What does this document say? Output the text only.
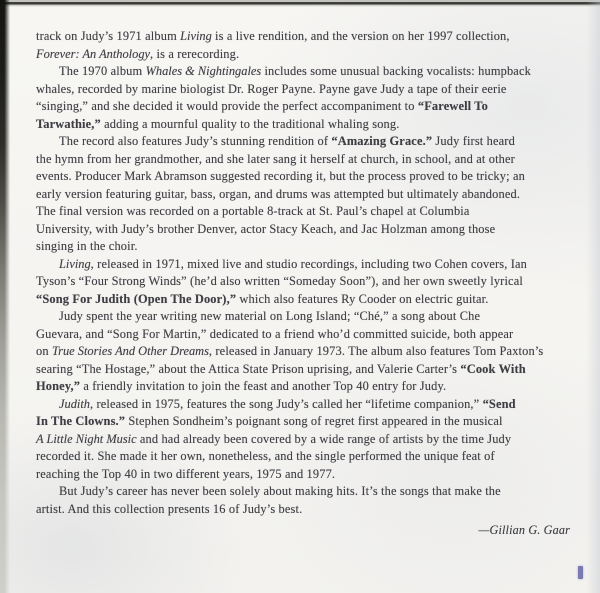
track on Judy’s 1971 album Living is a live rendition, and the version on her 1997 collection,
Forever: An Anthology, is a rerecording.
The 1970 album Whales & Nightingales includes some unusual backing vocalists: humpback
whales, recorded by marine biologist Dr. Roger Payne. Payne gave Judy a tape of their eerie
“singing,” and she decided it would provide the perfect accompaniment to “Farewell To
Tarwathie,” adding a mournful quality to the traditional whaling song.
The record also features Judy’s stunning rendition of “Amazing Grace.” Judy first heard
the hymn from her grandmother, and she later sang it herself at church, in school, and at other
events. Producer Mark Abramson suggested recording it, but the process proved to be tricky; an
early version featuring guitar, bass, organ, and drums was attempted but ultimately abandoned.
The final version was recorded on a portable 8-track at St. Paul’s chapel at Columbia
University, with Judy’s brother Denver, actor Stacy Keach, and Jac Holzman among those
singing in the choir.
Living, released in 1971, mixed live and studio recordings, including two Cohen covers, Ian
Tyson’s “Four Strong Winds” (he’d also written “Someday Soon”), and her own sweetly lyrical
“Song For Judith (Open The Door),” which also features Ry Cooder on electric guitar.
Judy spent the year writing new material on Long Island; “Ché,” a song about Che
Guevara, and “Song For Martin,” dedicated to a friend who’d committed suicide, both appear
on True Stories And Other Dreams, released in January 1973. The album also features Tom Paxton’s
searing “The Hostage,” about the Attica State Prison uprising, and Valerie Carter’s “Cook With
Honey,” a friendly invitation to join the feast and another Top 40 entry for Judy.
Judith, released in 1975, features the song Judy’s called her “lifetime companion,” “Send
In The Clowns.” Stephen Sondheim’s poignant song of regret first appeared in the musical
A Little Night Music and had already been covered by a wide range of artists by the time Judy
recorded it. She made it her own, nonetheless, and the single performed the unique feat of
reaching the Top 40 in two different years, 1975 and 1977.
But Judy’s career has never been solely about making hits. It’s the songs that make the
artist. And this collection presents 16 of Judy’s best.
—Gillian G. Gaar
